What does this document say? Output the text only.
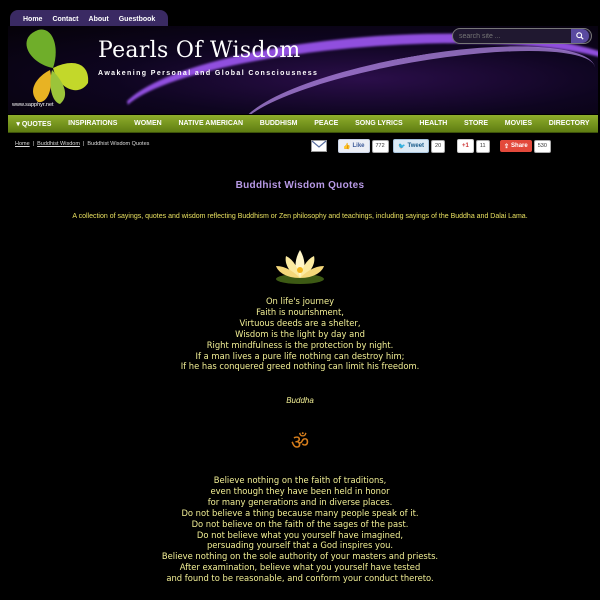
Home Contact About Guestbook
Pearls Of Wisdom
Awakening Personal and Global Consciousness
www.sapphyr.net
search site ...
▾ QUOTES INSPIRATIONS WOMEN NATIVE AMERICAN BUDDHISM PEACE SONG LYRICS HEALTH STORE MOVIES DIRECTORY
Home | Buddhist Wisdom | Buddhist Wisdom Quotes	👍 Like	772	🐦 Tweet	20	+1	11	⇪ Share	530
Buddhist Wisdom Quotes
A collection of sayings, quotes and wisdom reflecting Buddhism or Zen philosophy and teachings, including sayings of the Buddha and Dalai Lama.
On life's journey
Faith is nourishment,
Virtuous deeds are a shelter,
Wisdom is the light by day and
Right mindfulness is the protection by night.
If a man lives a pure life nothing can destroy him;
If he has conquered greed nothing can limit his freedom.
Buddha
ॐ
Believe nothing on the faith of traditions,
even though they have been held in honor
for many generations and in diverse places.
Do not believe a thing because many people speak of it.
Do not believe on the faith of the sages of the past.
Do not believe what you yourself have imagined,
persuading yourself that a God inspires you.
Believe nothing on the sole authority of your masters and priests.
After examination, believe what you yourself have tested
and found to be reasonable, and conform your conduct thereto.
